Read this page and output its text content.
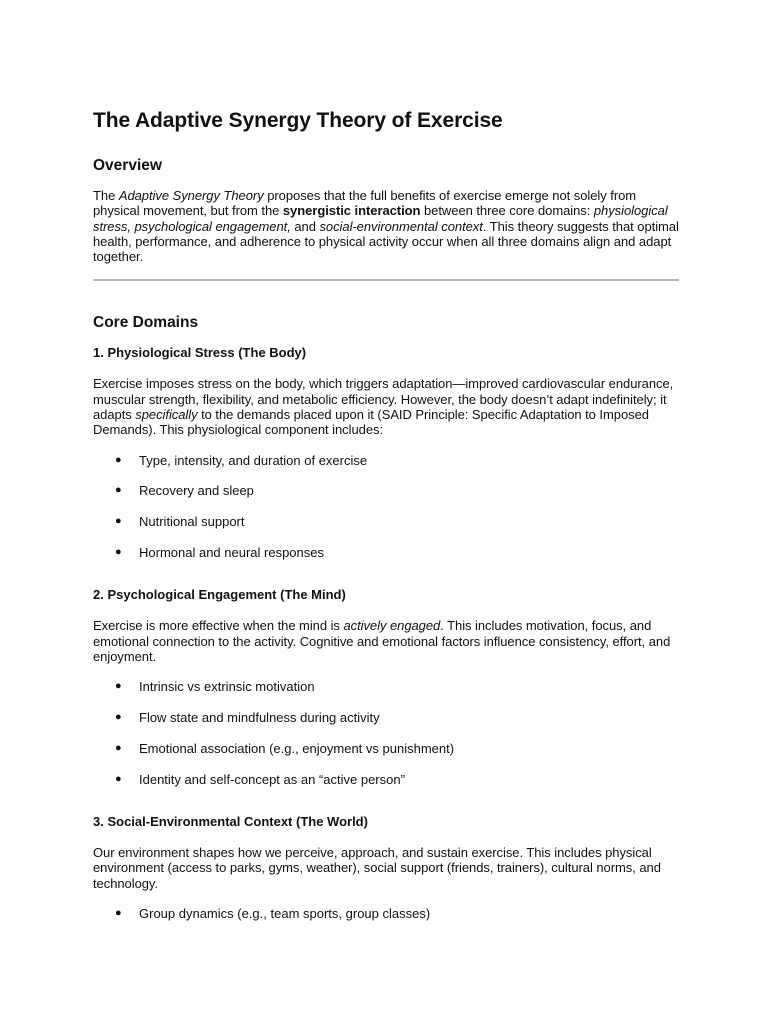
The Adaptive Synergy Theory of Exercise
Overview

The Adaptive Synergy Theory proposes that the full benefits of exercise emerge not solely from physical movement, but from the synergistic interaction between three core domains: physiological stress, psychological engagement, and social-environmental context. This theory suggests that optimal health, performance, and adherence to physical activity occur when all three domains align and adapt together.

Core Domains
1. Physiological Stress (The Body)

Exercise imposes stress on the body, which triggers adaptation—improved cardiovascular endurance, muscular strength, flexibility, and metabolic efficiency. However, the body doesn’t adapt indefinitely; it adapts specifically to the demands placed upon it (SAID Principle: Specific Adaptation to Imposed Demands). This physiological component includes:

● Type, intensity, and duration of exercise
● Recovery and sleep
● Nutritional support
● Hormonal and neural responses
2. Psychological Engagement (The Mind)

Exercise is more effective when the mind is actively engaged. This includes motivation, focus, and emotional connection to the activity. Cognitive and emotional factors influence consistency, effort, and enjoyment.

● Intrinsic vs extrinsic motivation
● Flow state and mindfulness during activity
● Emotional association (e.g., enjoyment vs punishment)
● Identity and self-concept as an “active person”
3. Social-Environmental Context (The World)

Our environment shapes how we perceive, approach, and sustain exercise. This includes physical environment (access to parks, gyms, weather), social support (friends, trainers), cultural norms, and technology.

● Group dynamics (e.g., team sports, group classes)
